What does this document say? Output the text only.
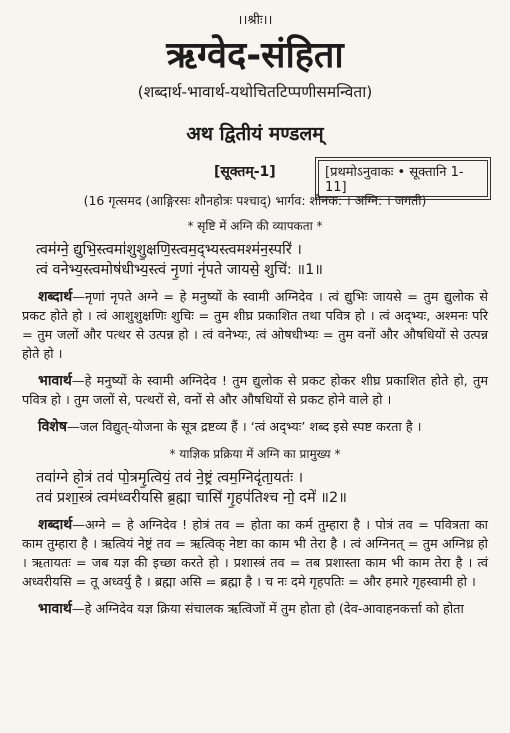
।।श्रीः।।
ऋग्वेद-संहिता
(शब्दार्थ-भावार्थ-यथोचितटिप्पणीसमन्विता)
अथ द्वितीयं मण्डलम्
[सूक्तम्-1]	[प्रथमोऽनुवाकः • सूक्तानि 1-11]
(16 गृत्समद (आङ्गिरसः शौनहोत्रः पश्चाद्) भार्गव: शौनक: । अग्नि: । जगती)
* सृष्टि में अग्नि की व्यापकता *
त्वम॑ग्ने॒ द्युभि॒स्त्वमा॑शुशु॒क्षणि॒स्त्वम॒द्भ्यस्त्वमश्म॑न॒स्परि॑ ।
त्वं वनेभ्य॒स्त्वमोष॑धीभ्य॒स्त्वं नृ॒णां नृ॑पते जायसे॒ शुचि॑: ॥1॥
शब्दार्थ—नृणां नृपते अग्ने = हे मनुष्यों के स्वामी अग्निदेव । त्वं द्युभिः जायसे = तुम द्युलोक से प्रकट होते हो । त्वं आशुशुक्षणिः शुचिः = तुम शीघ्र प्रकाशित तथा पवित्र हो । त्वं अद्भ्यः, अश्मनः परि = तुम जलों और पत्थर से उत्पन्न हो । त्वं वनेभ्यः, त्वं ओषधीभ्यः = तुम वनों और औषधियों से उत्पन्न होते हो ।
भावार्थ—हे मनुष्यों के स्वामी अग्निदेव ! तुम द्युलोक से प्रकट होकर शीघ्र प्रकाशित होते हो, तुम पवित्र हो । तुम जलों से, पत्थरों से, वनों से और औषधियों से प्रकट होने वाले हो ।
विशेष—जल विद्युत्-योजना के सूत्र द्रष्टव्य हैं । ‘त्वं अद्भ्यः’ शब्द इसे स्पष्ट करता है ।
* याज्ञिक प्रक्रिया में अग्नि का प्रामुख्य *
तवा॑ग्ने हो॒त्रं तव॑ पो॒त्रमृ॒त्वियं॒ तव॑ ने॒ष्ट्रं त्वम॒ग्निदृ॑ता॒यतः॑ ।
तव॑ प्रशा॒स्त्रं त्वम॑ध्वरीयसि ब्र॒ह्मा चासि॑ गृ॒हप॑तिश्च नो॒ दमे॑ ॥2॥
शब्दार्थ—अग्ने = हे अग्निदेव ! होत्रं तव = होता का कर्म तुम्हारा है । पोत्रं तव = पवित्रता का काम तुम्हारा है । ऋत्वियं नेष्ट्रं तव = ऋत्विक् नेष्टा का काम भी तेरा है । त्वं अग्निनत् = तुम अग्निध्र हो । ऋतायतः = जब यज्ञ की इच्छा करते हो । प्रशास्त्रं तव = तब प्रशास्ता काम भी काम तेरा है । त्वं अध्वरीयसि = तू अध्वर्यु है । ब्रह्मा असि = ब्रह्मा है । च नः दमे गृहपतिः = और हमारे गृहस्वामी हो ।
भावार्थ—हे अग्निदेव यज्ञ क्रिया संचालक ऋत्विजों में तुम होता हो (देव-आवाहनकर्त्ता को होता
